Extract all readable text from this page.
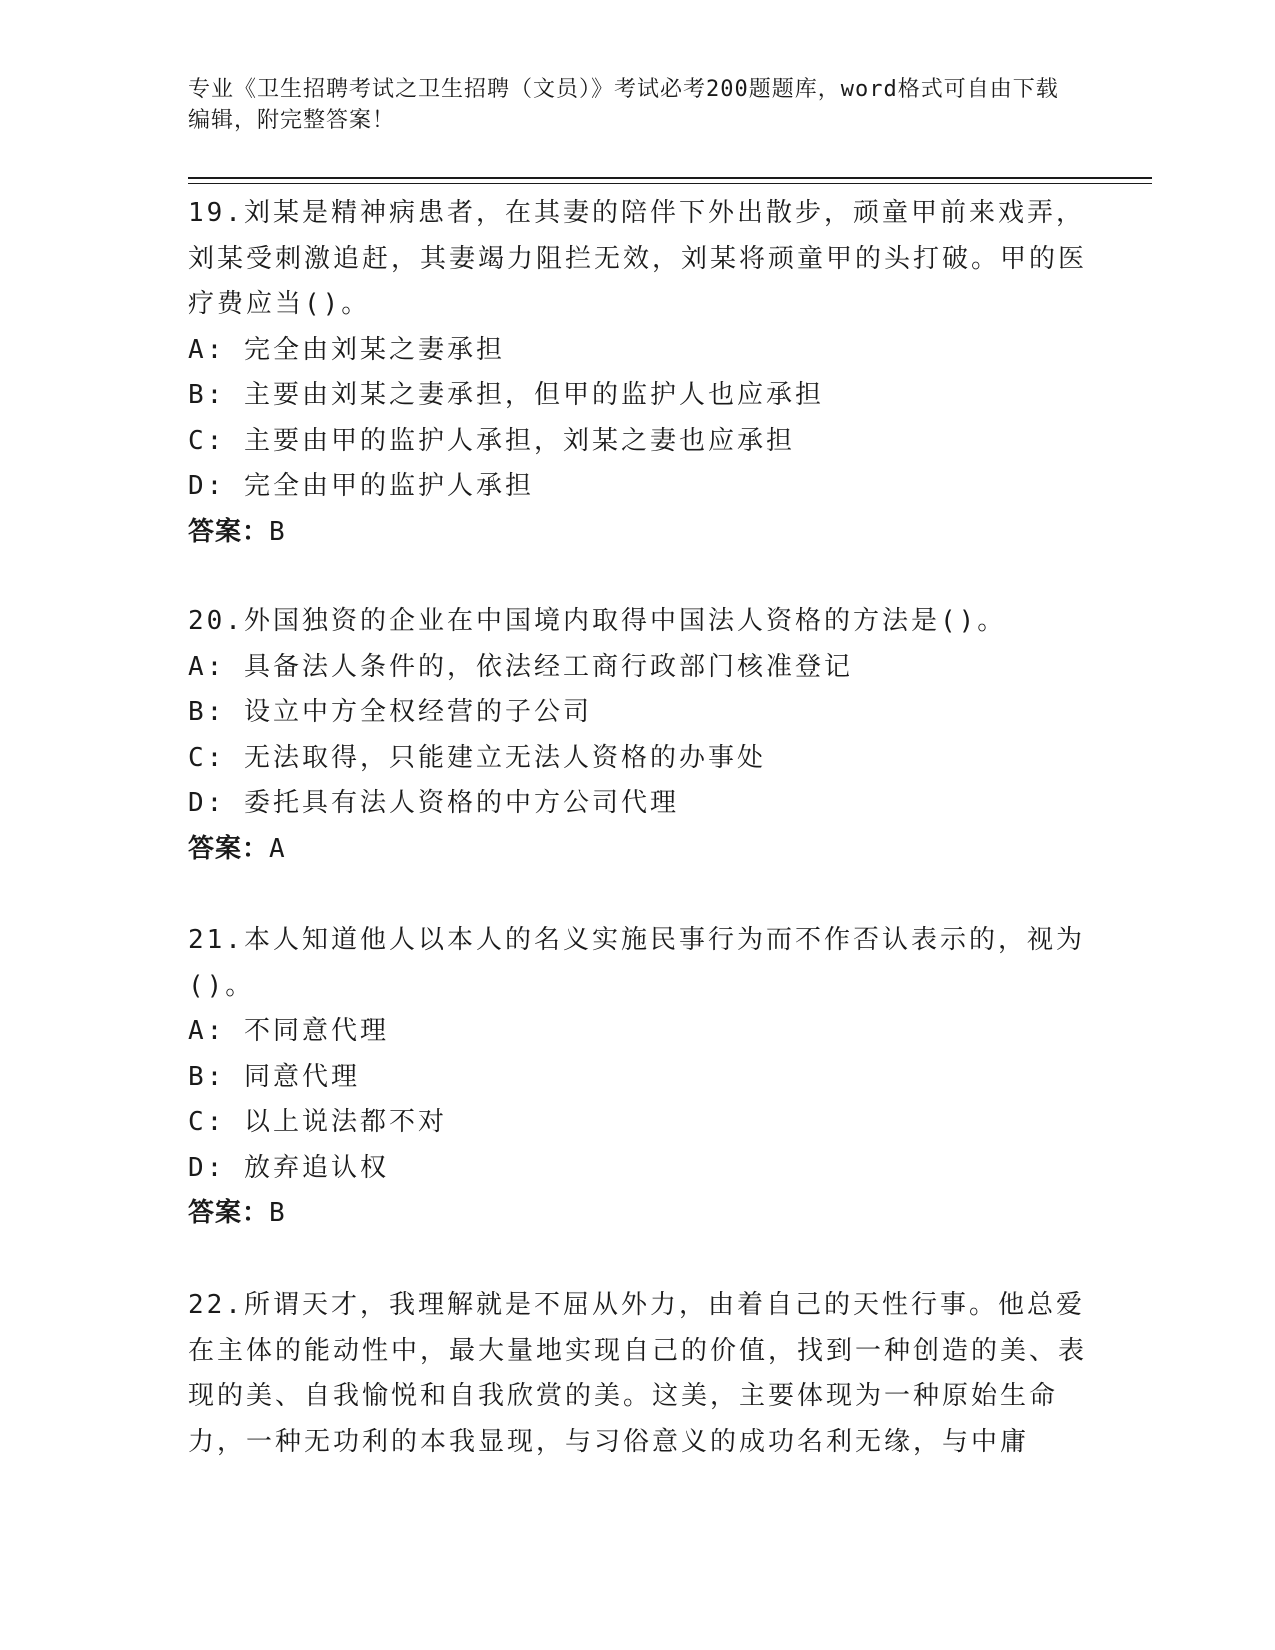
专业《卫生招聘考试之卫生招聘（文员）》考试必考200题题库，word格式可自由下载编辑，附完整答案！

19.刘某是精神病患者，在其妻的陪伴下外出散步，顽童甲前来戏弄，刘某受刺激追赶，其妻竭力阻拦无效，刘某将顽童甲的头打破。甲的医疗费应当()。

A: 完全由刘某之妻承担

B: 主要由刘某之妻承担，但甲的监护人也应承担

C: 主要由甲的监护人承担，刘某之妻也应承担

D: 完全由甲的监护人承担

答案：B

20.外国独资的企业在中国境内取得中国法人资格的方法是()。

A: 具备法人条件的，依法经工商行政部门核准登记

B: 设立中方全权经营的子公司

C: 无法取得，只能建立无法人资格的办事处

D: 委托具有法人资格的中方公司代理

答案：A

21.本人知道他人以本人的名义实施民事行为而不作否认表示的，视为()。

A: 不同意代理

B: 同意代理

C: 以上说法都不对

D: 放弃追认权

答案：B

22.所谓天才，我理解就是不屈从外力，由着自己的天性行事。他总爱在主体的能动性中，最大量地实现自己的价值，找到一种创造的美、表现的美、自我愉悦和自我欣赏的美。这美，主要体现为一种原始生命力，一种无功利的本我显现，与习俗意义的成功名利无缘，与中庸
